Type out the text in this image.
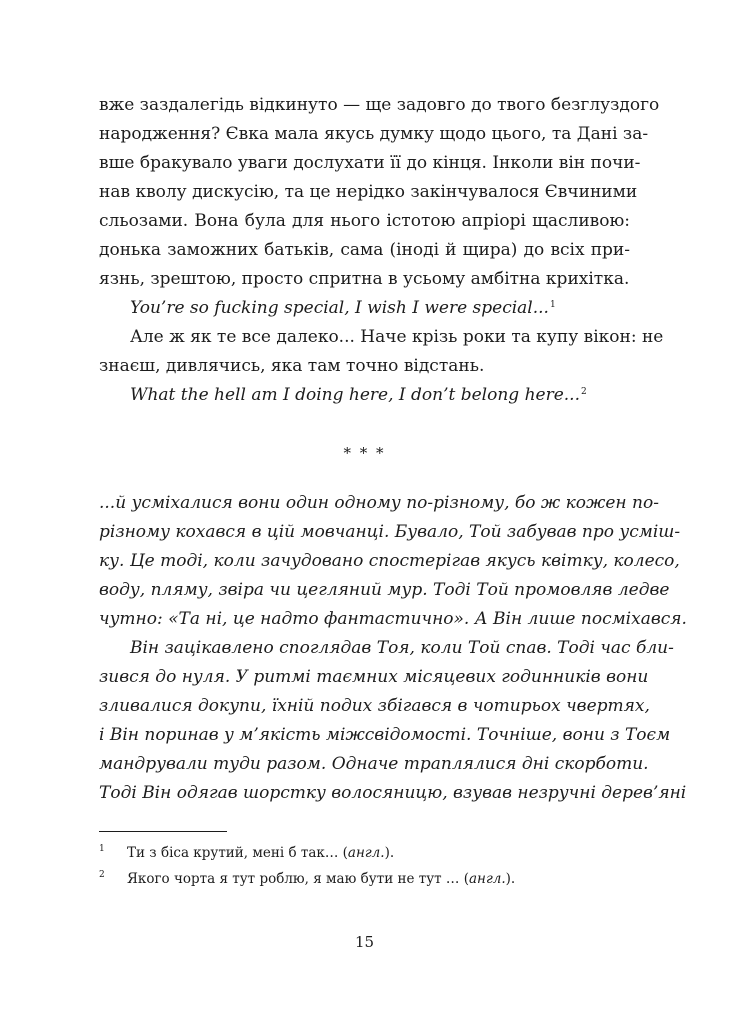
вже заздалегідь відкинуто — ще задовго до твого безглуздого
народження? Євка мала якусь думку щодо цього, та Дані за-
вше бракувало уваги дослухати її до кінця. Інколи він почи-
нав кволу дискусію, та це нерідко закінчувалося Євчиними
сльозами. Вона була для нього істотою апріорі щасливою:
донька заможних батьків, сама (іноді й щира) до всіх при-
язнь, зрештою, просто спритна в усьому амбітна крихітка.
You’re so fucking special, I wish I were special...$^1$
Але ж як те все далеко... Наче крізь роки та купу вікон: не
знаєш, дивлячись, яка там точно відстань.
What the hell am I doing here, I don’t belong here...$^2$
* * *
...й усміхалися вони один одному по-різному, бо ж кожен по-
різному кохався в цій мовчанці. Бувало, Той забував про усміш-
ку. Це тоді, коли зачудовано спостерігав якусь квітку, колесо,
воду, пляму, звіра чи цегляний мур. Тоді Той промовляв ледве
чутно: «Та ні, це надто фантастично». А Він лише посміхався.
Він зацікавлено споглядав Тоя, коли Той спав. Тоді час бли-
зився до нуля. У ритмі таємних місяцевих годинників вони
зливалися докупи, їхній подих збігався в чотирьох чвертях,
і Він поринав у м’якість міжсвідомості. Точніше, вони з Тоєм
мандрували туди разом. Одначе траплялися дні скорботи.
Тоді Він одягав шорстку волосяницю, взував незручні дерев’яні
1 Ти з біса крутий, мені б так… (англ.).
2 Якого чорта я тут роблю, я маю бути не тут … (англ.).
15
